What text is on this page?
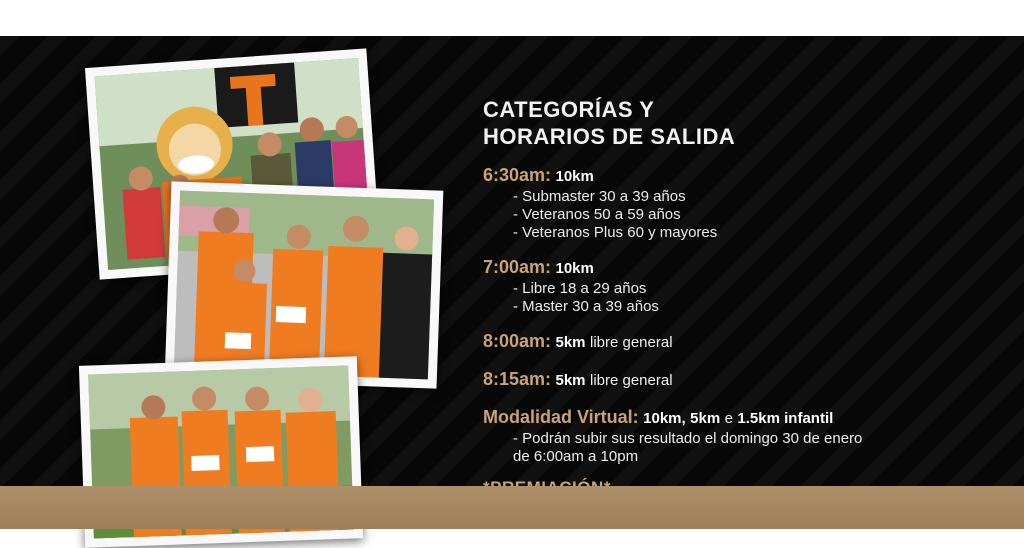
CATEGORÍAS Y
HORARIOS DE SALIDA
6:30am: 10km
- Submaster 30 a 39 años
- Veteranos 50 a 59 años
- Veteranos Plus 60 y mayores
7:00am: 10km
- Libre 18 a 29 años
- Master 30 a 39 años
8:00am: 5km libre general
8:15am: 5km libre general
Modalidad Virtual: 10km, 5km e 1.5km infantil
- Podrán subir sus resultado el domingo 30 de enero
de 6:00am a 10pm
